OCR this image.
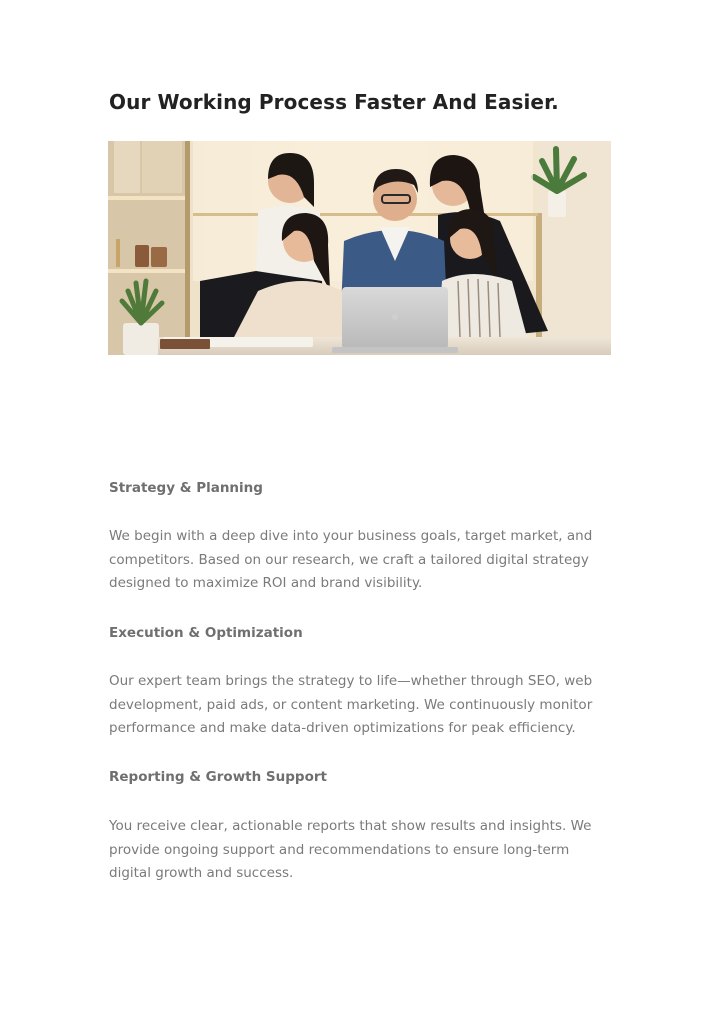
Our Working Process Faster And Easier.
Strategy & Planning

We begin with a deep dive into your business goals, target market, and competitors. Based on our research, we craft a tailored digital strategy designed to maximize ROI and brand visibility.

Execution & Optimization

Our expert team brings the strategy to life—whether through SEO, web development, paid ads, or content marketing. We continuously monitor performance and make data-driven optimizations for peak efficiency.

Reporting & Growth Support

You receive clear, actionable reports that show results and insights. We provide ongoing support and recommendations to ensure long-term digital growth and success.
